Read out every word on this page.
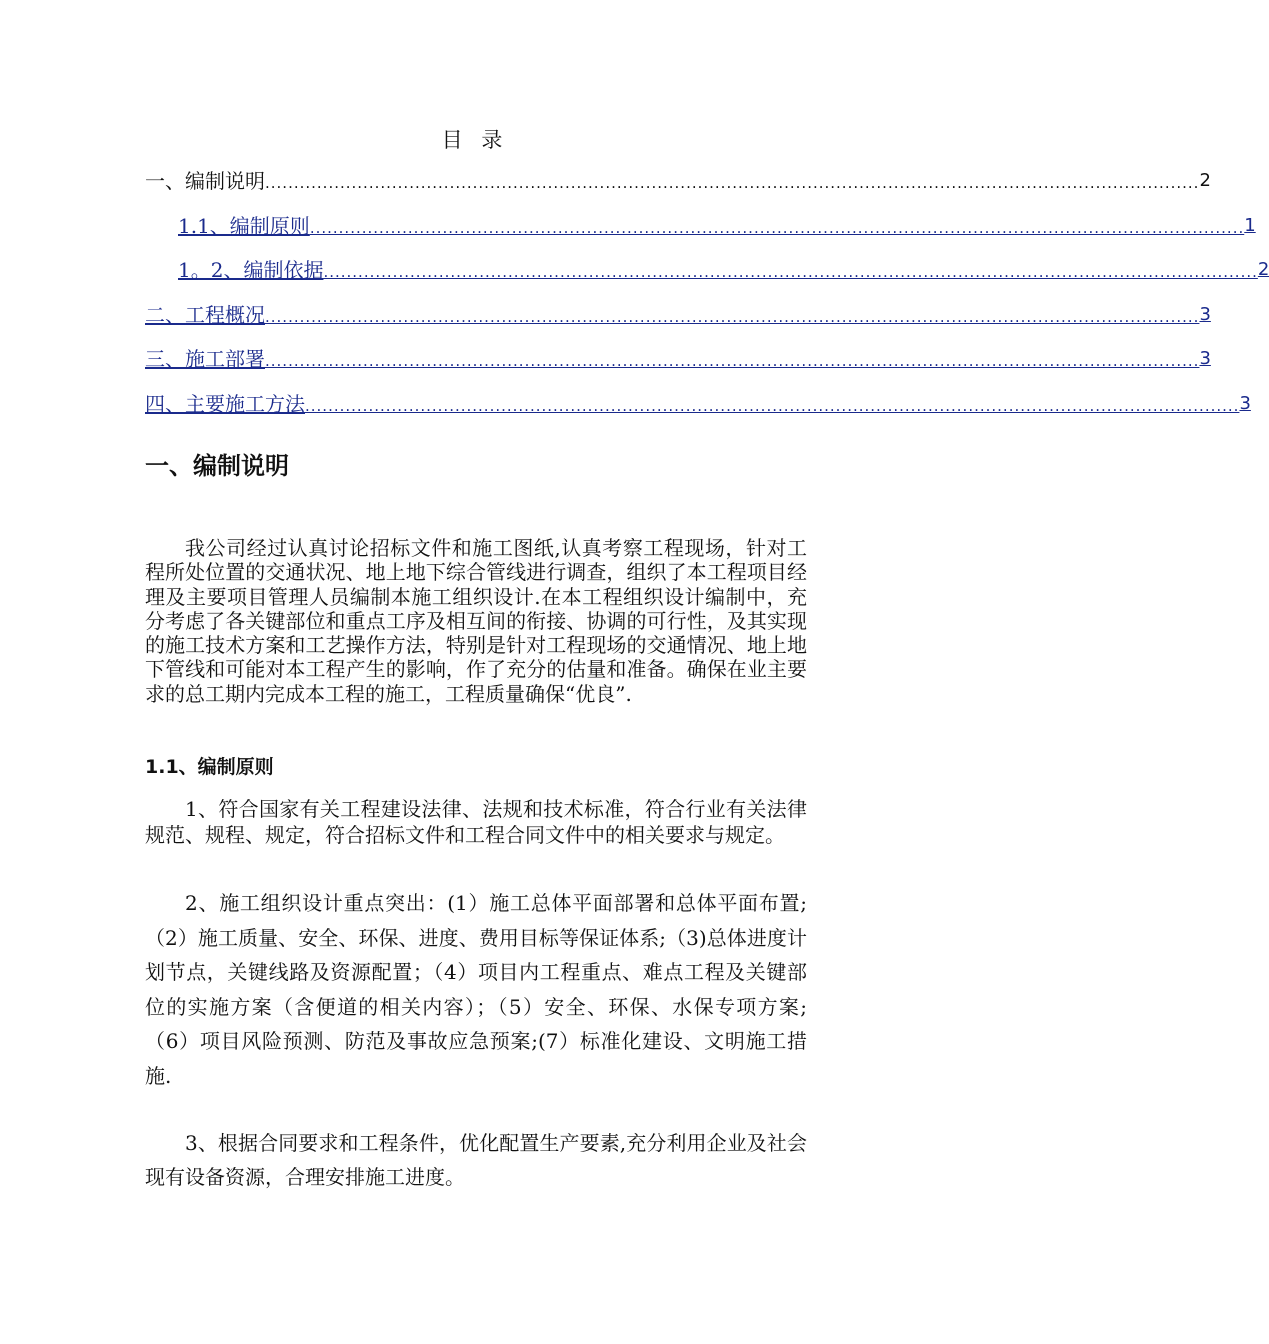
目 录
一、编制说明 .................................................................................................................................................................. 2
1.1、编制原则 .................................................................................................................................................................. 1
1。2、编制依据 .................................................................................................................................................................. 2
二、工程概况 .................................................................................................................................................................. 3
三、施工部署 .................................................................................................................................................................. 3
四、主要施工方法 .................................................................................................................................................................. 3
一、编制说明

我公司经过认真讨论招标文件和施工图纸,认真考察工程现场，针对工程所处位置的交通状况、地上地下综合管线进行调查，组织了本工程项目经理及主要项目管理人员编制本施工组织设计.在本工程组织设计编制中，充分考虑了各关键部位和重点工序及相互间的衔接、协调的可行性，及其实现的施工技术方案和工艺操作方法，特别是针对工程现场的交通情况、地上地下管线和可能对本工程产生的影响，作了充分的估量和准备。确保在业主要求的总工期内完成本工程的施工，工程质量确保“优良”.

1.1、编制原则

1、符合国家有关工程建设法律、法规和技术标准，符合行业有关法律规范、规程、规定，符合招标文件和工程合同文件中的相关要求与规定。

2、施工组织设计重点突出：(1）施工总体平面部署和总体平面布置;（2）施工质量、安全、环保、进度、费用目标等保证体系;（3)总体进度计划节点，关键线路及资源配置；（4）项目内工程重点、难点工程及关键部位的实施方案（含便道的相关内容）；（5）安全、环保、水保专项方案;（6）项目风险预测、防范及事故应急预案;(7）标准化建设、文明施工措施.

3、根据合同要求和工程条件，优化配置生产要素,充分利用企业及社会现有设备资源，合理安排施工进度。
